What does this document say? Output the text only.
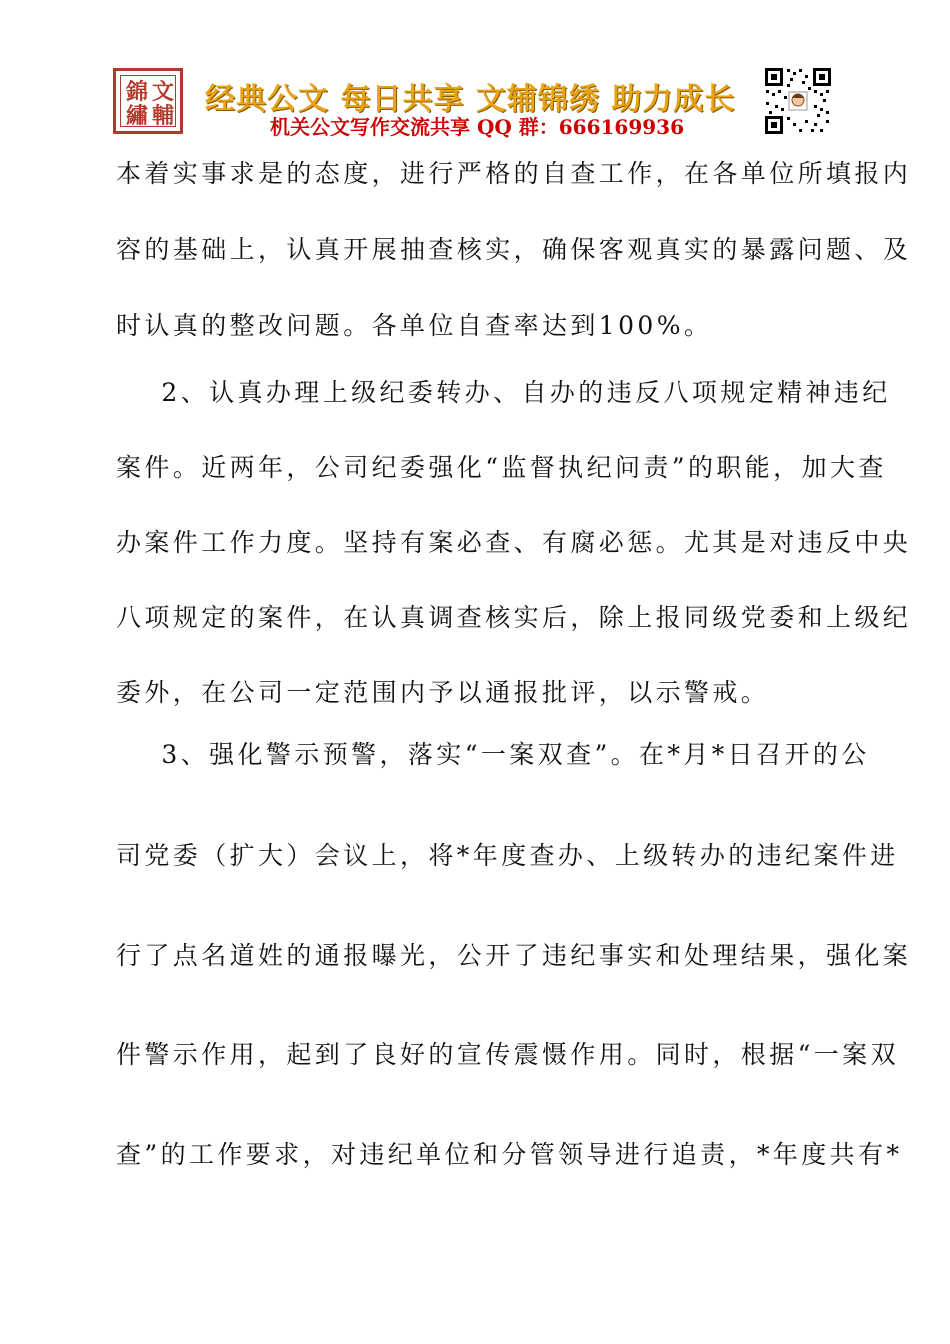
錦 文
繡 輔 经典公文 每日共享 文辅锦绣 助力成长
机关公文写作交流共享 QQ 群：666169936
本着实事求是的态度，进行严格的自查工作，在各单位所填报内
容的基础上，认真开展抽查核实，确保客观真实的暴露问题、及
时认真的整改问题。各单位自查率达到100%。
2、认真办理上级纪委转办、自办的违反八项规定精神违纪
案件。近两年，公司纪委强化“监督执纪问责”的职能，加大查
办案件工作力度。坚持有案必查、有腐必惩。尤其是对违反中央
八项规定的案件，在认真调查核实后，除上报同级党委和上级纪
委外，在公司一定范围内予以通报批评，以示警戒。
3、强化警示预警，落实“一案双查”。在*月*日召开的公
司党委（扩大）会议上，将*年度查办、上级转办的违纪案件进
行了点名道姓的通报曝光，公开了违纪事实和处理结果，强化案
件警示作用，起到了良好的宣传震慑作用。同时，根据“一案双
查”的工作要求，对违纪单位和分管领导进行追责，*年度共有*
